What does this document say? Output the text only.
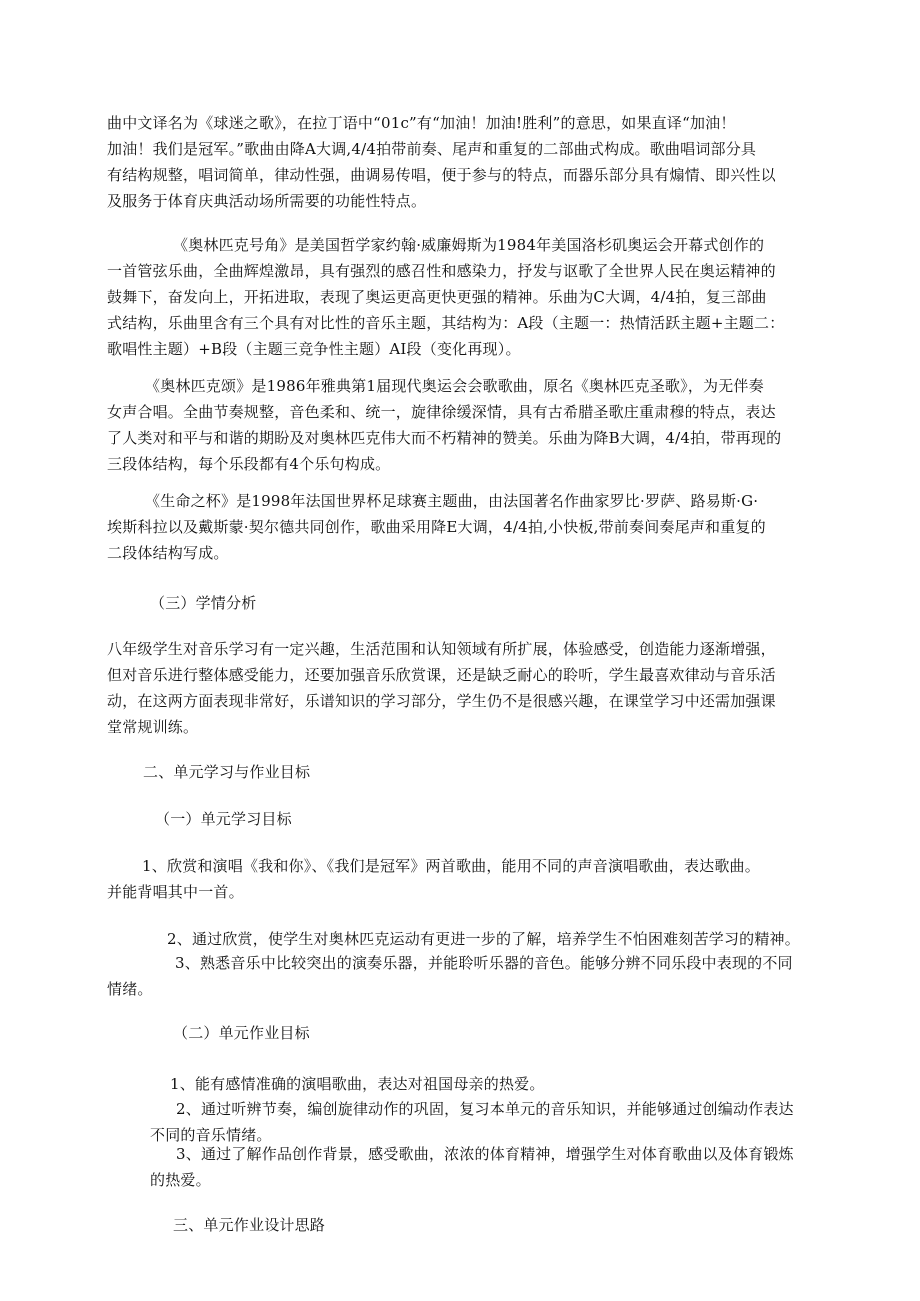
曲中文译名为《球迷之歌》，在拉丁语中“01c”有“加油！加油!胜利”的意思，如果直译“加油！
加油！我们是冠军。”歌曲由降A大调,4/4拍带前奏、尾声和重复的二部曲式构成。歌曲唱词部分具
有结构规整，唱词简单，律动性强，曲调易传唱，便于参与的特点，而器乐部分具有煽情、即兴性以
及服务于体育庆典活动场所需要的功能性特点。
《奥林匹克号角》是美国哲学家约翰·威廉姆斯为1984年美国洛杉矶奥运会开幕式创作的
一首管弦乐曲，全曲辉煌激昂，具有强烈的感召性和感染力，抒发与讴歌了全世界人民在奥运精神的
鼓舞下，奋发向上，开拓进取，表现了奥运更高更快更强的精神。乐曲为C大调，4/4拍，复三部曲
式结构，乐曲里含有三个具有对比性的音乐主题，其结构为：A段（主题一：热情活跃主题+主题二：
歌唱性主题）+B段（主题三竞争性主题）AI段（变化再现）。
《奥林匹克颂》是1986年雅典第1届现代奥运会会歌歌曲，原名《奥林匹克圣歌》，为无伴奏
女声合唱。全曲节奏规整，音色柔和、统一，旋律徐缓深情，具有古希腊圣歌庄重肃穆的特点，表达
了人类对和平与和谐的期盼及对奥林匹克伟大而不朽精神的赞美。乐曲为降B大调，4/4拍，带再现的
三段体结构，每个乐段都有4个乐句构成。
《生命之杯》是1998年法国世界杯足球赛主题曲，由法国著名作曲家罗比·罗萨、路易斯·G·
埃斯科拉以及戴斯蒙·契尔德共同创作，歌曲采用降E大调，4/4拍,小快板,带前奏间奏尾声和重复的
二段体结构写成。
（三）学情分析
八年级学生对音乐学习有一定兴趣，生活范围和认知领域有所扩展，体验感受，创造能力逐渐增强，
但对音乐进行整体感受能力，还要加强音乐欣赏课，还是缺乏耐心的聆听，学生最喜欢律动与音乐活
动，在这两方面表现非常好，乐谱知识的学习部分，学生仍不是很感兴趣，在课堂学习中还需加强课
堂常规训练。
二、单元学习与作业目标
（一）单元学习目标
1、欣赏和演唱《我和你》、《我们是冠军》两首歌曲，能用不同的声音演唱歌曲，表达歌曲。
并能背唱其中一首。
2、通过欣赏，使学生对奥林匹克运动有更进一步的了解，培养学生不怕困难刻苦学习的精神。
3、熟悉音乐中比较突出的演奏乐器，并能聆听乐器的音色。能够分辨不同乐段中表现的不同
情绪。
（二）单元作业目标
1、能有感情准确的演唱歌曲，表达对祖国母亲的热爱。
2、通过听辨节奏，编创旋律动作的巩固，复习本单元的音乐知识，并能够通过创编动作表达
不同的音乐情绪。
3、通过了解作品创作背景，感受歌曲，浓浓的体育精神，增强学生对体育歌曲以及体育锻炼
的热爱。
三、单元作业设计思路
